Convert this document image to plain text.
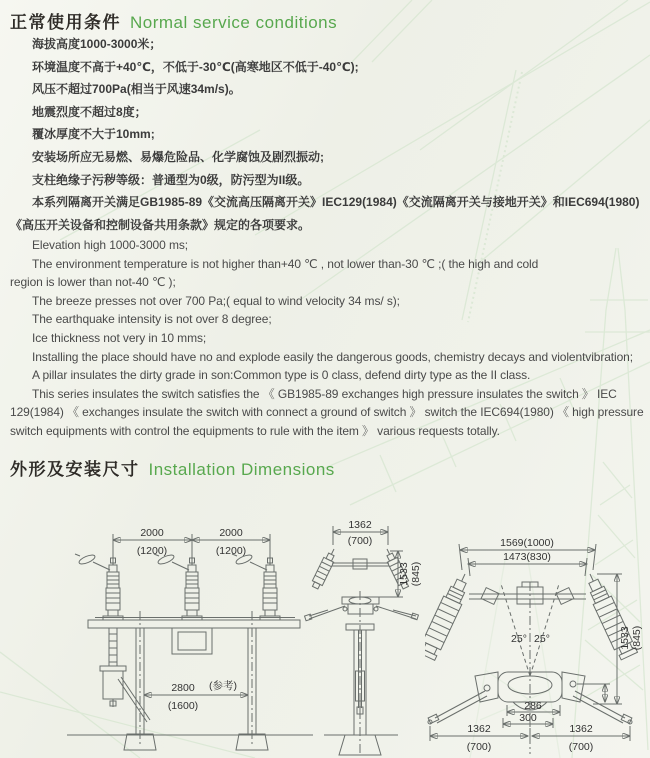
正常使用条件 Normal service conditions
海拔高度1000-3000米；
环境温度不高于+40℃，不低于-30℃(高寒地区不低于-40℃);
风压不超过700Pa(相当于风速34m/s)。
地震烈度不超过8度；
覆冰厚度不大于10mm;
安装场所应无易燃、易爆危险品、化学腐蚀及剧烈振动;
支柱绝缘子污秽等级：普通型为0级，防污型为II级。
本系列隔离开关满足GB1985-89《交流高压隔离开关》IEC129(1984)《交流隔离开关与接地开关》和IEC694(1980)
《高压开关设备和控制设备共用条款》规定的各项要求。
Elevation high 1000-3000 ms;
The environment temperature is not higher than+40 ℃ , not lower than-30 ℃ ;( the high and cold
region is lower than not-40 ℃ );
The breeze presses not over 700 Pa;( equal to wind velocity 34 ms/ s);
The earthquake intensity is not over 8 degree;
Ice thickness not very in 10 mms;
Installing the place should have no and explode easily the dangerous goods, chemistry decays and violentvibration;
A pillar insulates the dirty grade in son:Common type is 0 class, defend dirty type as the II class.
This series insulates the switch satisfies the 《 GB1985-89 exchanges high pressure insulates the switch 》 IEC
129(1984) 《 exchanges insulate the switch with connect a ground of switch 》 switch the IEC694(1980) 《 high pressure
switch equipments with control the equipments to rule with the item 》 various requests totally.
外形及安装尺寸 Installation Dimensions
2000
(1200)
2000
(1200)
2800 (参考)
(1600)
1362
(700)
1533 (845)
1569(1000)
1473(830)
25° 25°	1533 (845)
286
300
1362
(700)
1362
(700)
